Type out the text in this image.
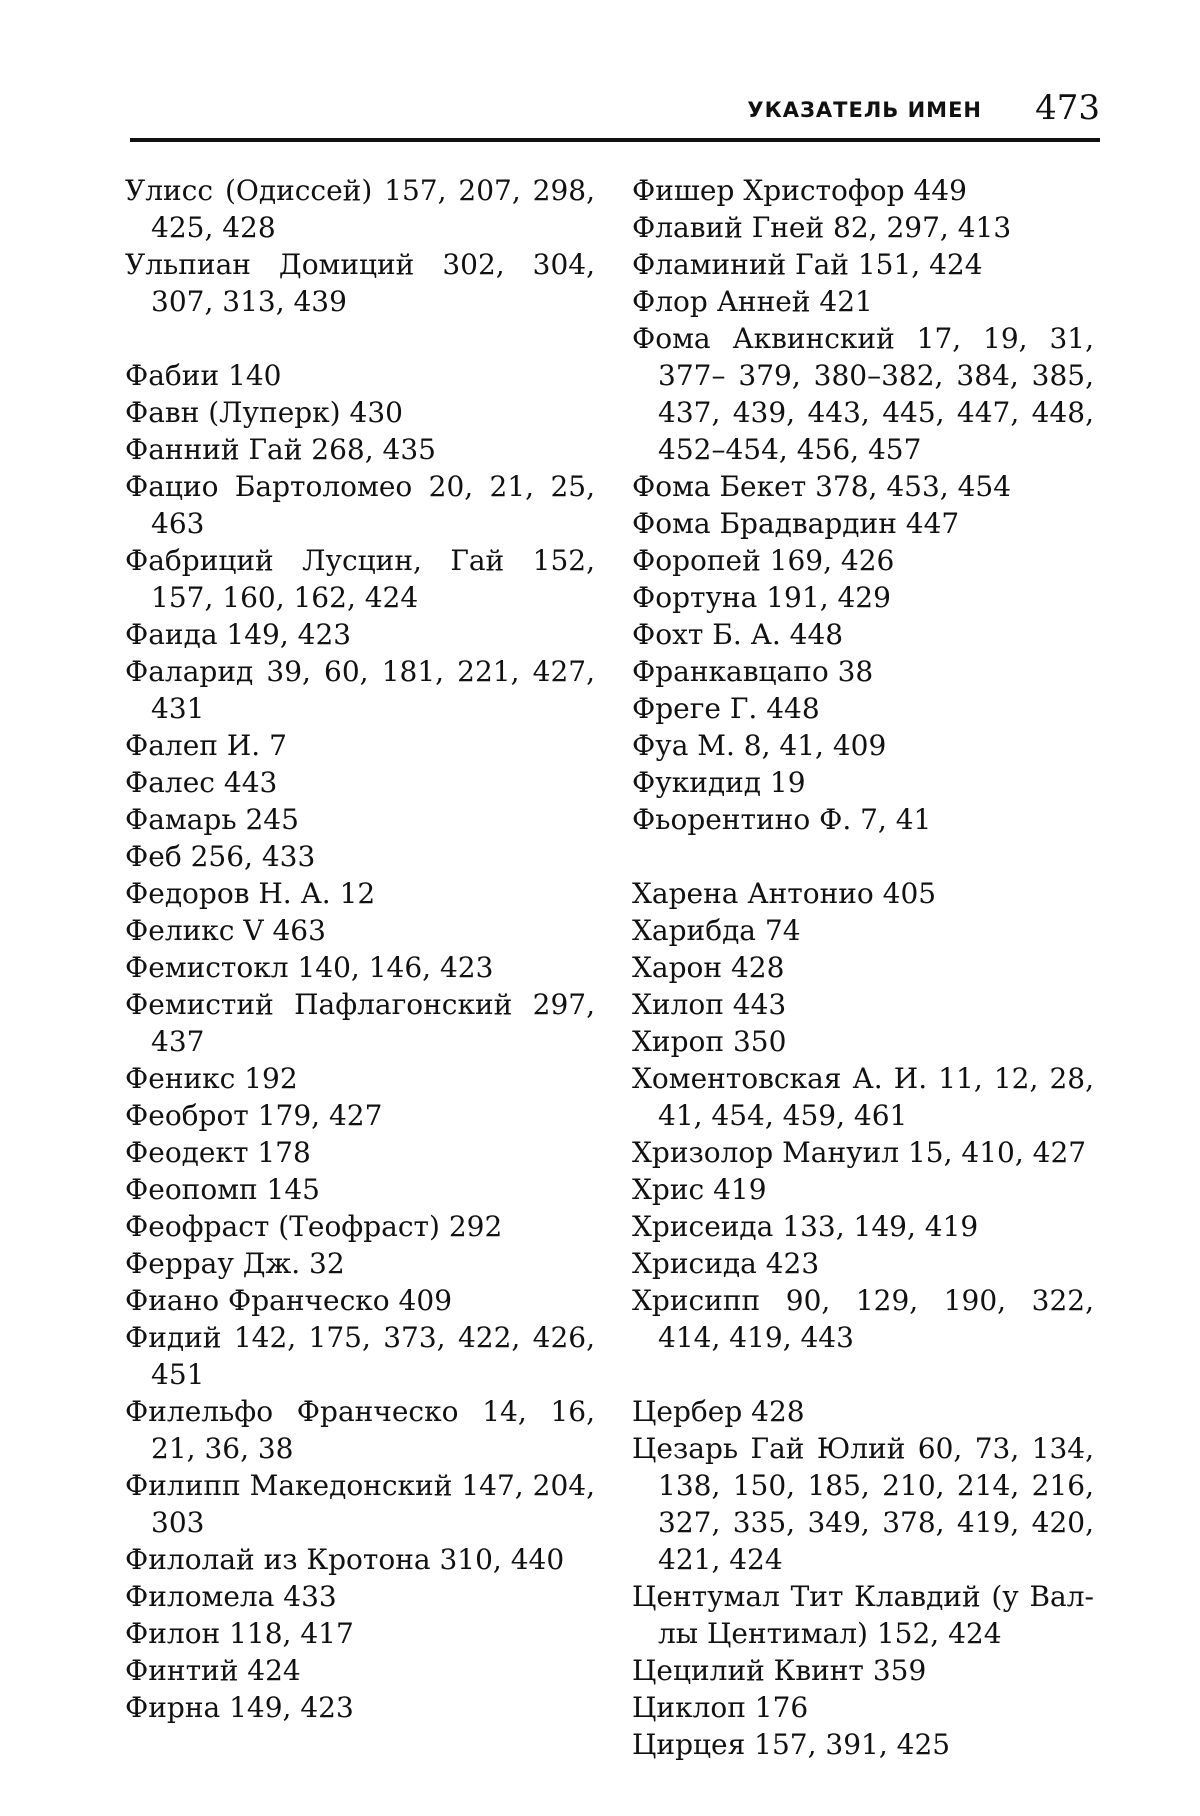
УКАЗАТЕЛЬ ИМЕН 473
Улисс (Одиссей) 157, 207, 298, 425, 428
Ульпиан Домиций 302, 304, 307, 313, 439
Фабии 140
Фавн (Луперк) 430
Фанний Гай 268, 435
Фацио Бартоломео 20, 21, 25, 463
Фабриций Лусцин, Гай 152, 157, 160, 162, 424
Фаида 149, 423
Фаларид 39, 60, 181, 221, 427, 431
Фалеп И. 7
Фалес 443
Фамарь 245
Феб 256, 433
Федоров Н. А. 12
Феликс V 463
Фемистокл 140, 146, 423
Фемистий Пафлагонский 297, 437
Феникс 192
Феоброт 179, 427
Феодект 178
Феопомп 145
Феофраст (Теофраст) 292
Ферpау Дж. 32
Фиано Франческо 409
Фидий 142, 175, 373, 422, 426, 451
Филельфо Франческо 14, 16, 21, 36, 38
Филипп Македонский 147, 204, 303
Филолай из Кротона 310, 440
Филомела 433
Филон 118, 417
Финтий 424
Фирна 149, 423
Фишер Христофор 449
Флавий Гней 82, 297, 413
Фламиний Гай 151, 424
Флор Анней 421
Фома Аквинский 17, 19, 31, 377– 379, 380–382, 384, 385, 437, 439, 443, 445, 447, 448, 452–454, 456, 457
Фома Бекет 378, 453, 454
Фома Брадвардин 447
Форопей 169, 426
Фортуна 191, 429
Фохт Б. А. 448
Франкавцапо 38
Фреге Г. 448
Фуа М. 8, 41, 409
Фукидид 19
Фьорентино Ф. 7, 41
Харена Антонио 405
Харибда 74
Харон 428
Хилоп 443
Хироп 350
Хоментовская А. И. 11, 12, 28, 41, 454, 459, 461
Хризолор Мануил 15, 410, 427
Хрис 419
Хрисеида 133, 149, 419
Хрисида 423
Хрисипп 90, 129, 190, 322, 414, 419, 443
Цербер 428
Цезарь Гай Юлий 60, 73, 134, 138, 150, 185, 210, 214, 216, 327, 335, 349, 378, 419, 420, 421, 424
Центумал Тит Клавдий (у Вал- лы Центимал) 152, 424
Цецилий Квинт 359
Циклоп 176
Цирцея 157, 391, 425
